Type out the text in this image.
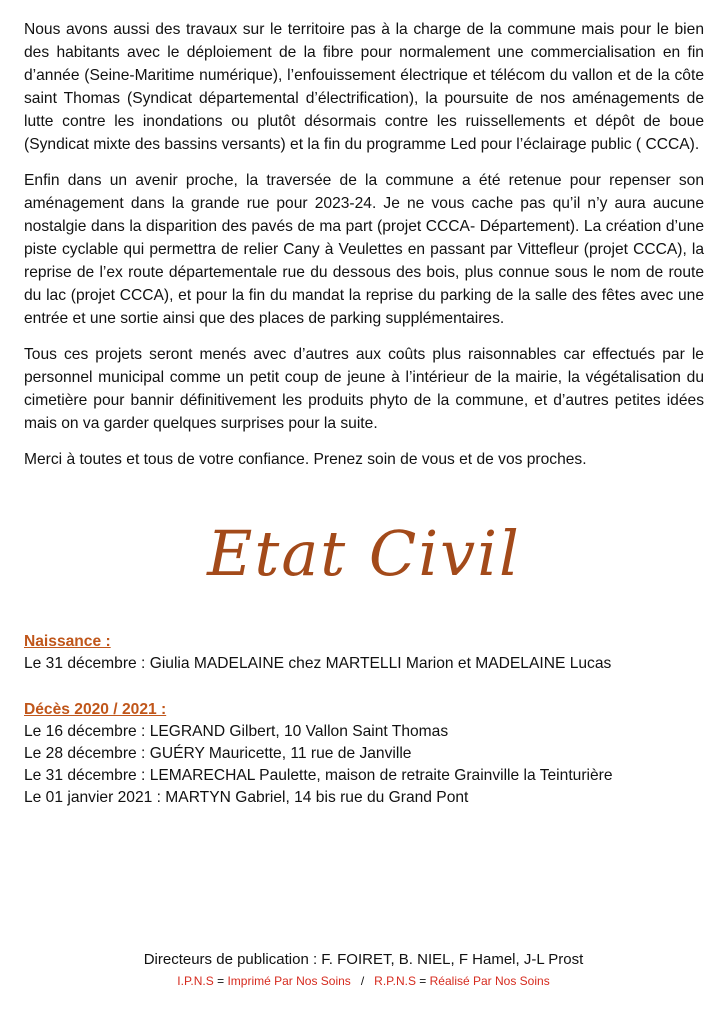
Nous avons aussi des travaux sur le territoire pas à la charge de la commune mais pour le bien des habitants avec le déploiement de la fibre pour normalement une commercialisation en fin d’année (Seine-Maritime numérique), l’enfouissement électrique et télécom du vallon et de la côte saint Thomas (Syndicat départemental d’électrification), la poursuite de nos aménagements de lutte contre les inondations ou plutôt désormais contre les ruissellements et dépôt de boue (Syndicat mixte des bassins versants) et la fin du programme Led pour l’éclairage public ( CCCA).

Enfin dans un avenir proche, la traversée de la commune a été retenue pour repenser son aménagement dans la grande rue pour 2023-24. Je ne vous cache pas qu’il n’y aura aucune nostalgie dans la disparition des pavés de ma part (projet CCCA- Département). La création d’une piste cyclable qui permettra de relier Cany à Veulettes en passant par Vittefleur (projet CCCA), la reprise de l’ex route départementale rue du dessous des bois, plus connue sous le nom de route du lac (projet CCCA), et pour la fin du mandat la reprise du parking de la salle des fêtes avec une entrée et une sortie ainsi que des places de parking supplémentaires.

Tous ces projets seront menés avec d’autres aux coûts plus raisonnables car effectués par le personnel municipal comme un petit coup de jeune à l’intérieur de la mairie, la végétalisation du cimetière pour bannir définitivement les produits phyto de la commune, et d’autres petites idées mais on va garder quelques surprises pour la suite.

Merci à toutes et tous de votre confiance. Prenez soin de vous et de vos proches.

Etat Civil

Naissance :

Le 31 décembre : Giulia MADELAINE chez MARTELLI Marion et MADELAINE Lucas

Décès 2020 / 2021 :

Le 16 décembre : LEGRAND Gilbert, 10 Vallon Saint Thomas

Le 28 décembre : GUÉRY Mauricette, 11 rue de Janville

Le 31 décembre : LEMARECHAL Paulette, maison de retraite Grainville la Teinturière

Le 01 janvier 2021 : MARTYN Gabriel, 14 bis rue du Grand Pont

Directeurs de publication : F. FOIRET, B. NIEL, F Hamel, J-L Prost
I.P.N.S = Imprimé Par Nos Soins   /   R.P.N.S = Réalisé Par Nos Soins
